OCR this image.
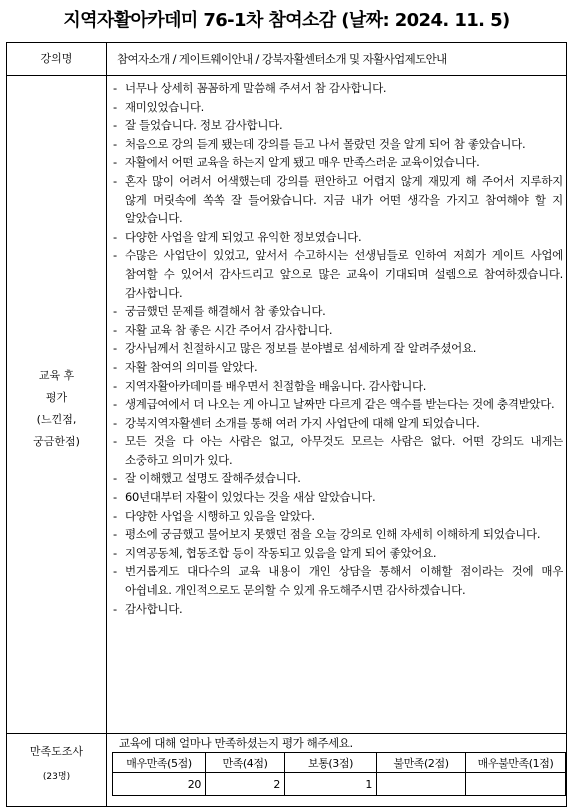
지역자활아카데미 76-1차 참여소감 (날짜: 2024. 11. 5)
강의명	참여자소개 / 게이트웨이안내 / 강북자활센터소개 및 자활사업제도안내
교육 후
평가
(느낀점,
궁금한점)
- 너무나 상세히 꼼꼼하게 말씀해 주셔서 참 감사합니다.
- 재미있었습니다.
- 잘 들었습니다. 정보 감사합니다.
- 처음으로 강의 듣게 됐는데 강의를 듣고 나서 몰랐던 것을 알게 되어 참 좋았습니다.
- 자활에서 어떤 교육을 하는지 알게 됐고 매우 만족스러운 교육이었습니다.
- 혼자 많이 어려서 어색했는데 강의를 편안하고 어렵지 않게 재밌게 해 주어서 지루하지 않게 머릿속에 쏙쏙 잘 들어왔습니다. 지금 내가 어떤 생각을 가지고 참여해야 할 지 알았습니다.
- 다양한 사업을 알게 되었고 유익한 정보였습니다.
- 수많은 사업단이 있었고, 앞서서 수고하시는 선생님들로 인하여 저희가 게이트 사업에 참여할 수 있어서 감사드리고 앞으로 많은 교육이 기대되며 설렘으로 참여하겠습니다. 감사합니다.
- 궁금했던 문제를 해결해서 참 좋았습니다.
- 자활 교육 참 좋은 시간 주어서 감사합니다.
- 강사님께서 친절하시고 많은 정보를 분야별로 섬세하게 잘 알려주셨어요.
- 자활 참여의 의미를 알았다.
- 지역자활아카데미를 배우면서 친절함을 배움니다. 감사합니다.
- 생계급여에서 더 나오는 게 아니고 날짜만 다르게 같은 액수를 받는다는 것에 충격받았다.
- 강북지역자활센터 소개를 통해 여러 가지 사업단에 대해 알게 되었습니다.
- 모든 것을 다 아는 사람은 없고, 아무것도 모르는 사람은 없다. 어떤 강의도 내게는 소중하고 의미가 있다.
- 잘 이해했고 설명도 잘해주셨습니다.
- 60년대부터 자활이 있었다는 것을 새삼 알았습니다.
- 다양한 사업을 시행하고 있음을 알았다.
- 평소에 궁금했고 물어보지 못했던 점을 오늘 강의로 인해 자세히 이해하게 되었습니다.
- 지역공동체, 협동조합 등이 작동되고 있음을 알게 되어 좋았어요.
- 번거롭게도 대다수의 교육 내용이 개인 상담을 통해서 이해할 점이라는 것에 매우 아쉽네요. 개인적으로도 문의할 수 있게 유도해주시면 감사하겠습니다.
- 감사합니다.
만족도조사
(23명)
교육에 대해 얼마나 만족하셨는지 평가 해주세요.
매우만족(5점)	만족(4점)	보통(3점)	불만족(2점)	매우불만족(1점)
20	2	1		
